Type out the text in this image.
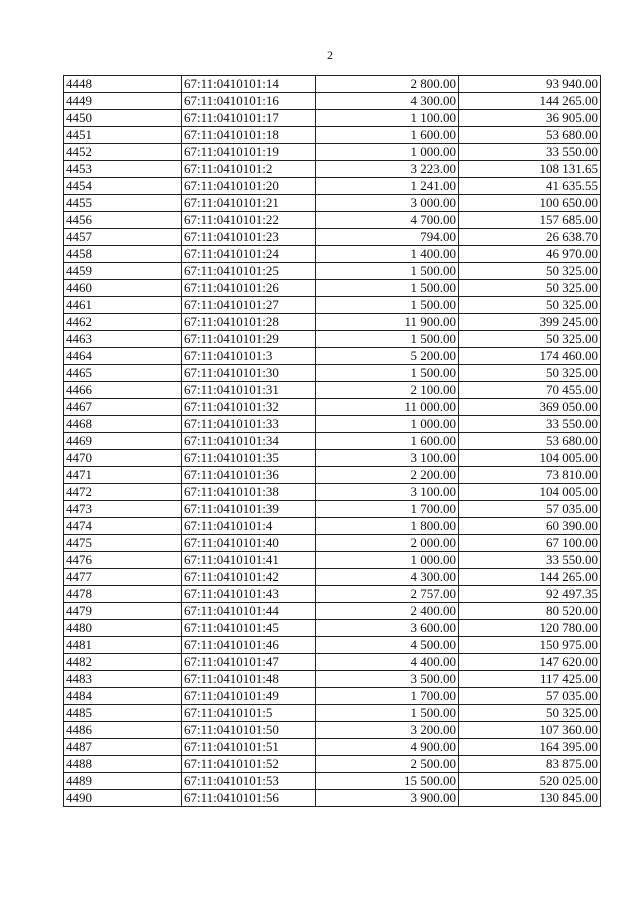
2
4448	67:11:0410101:14	2 800.00	93 940.00
4449	67:11:0410101:16	4 300.00	144 265.00
4450	67:11:0410101:17	1 100.00	36 905.00
4451	67:11:0410101:18	1 600.00	53 680.00
4452	67:11:0410101:19	1 000.00	33 550.00
4453	67:11:0410101:2	3 223.00	108 131.65
4454	67:11:0410101:20	1 241.00	41 635.55
4455	67:11:0410101:21	3 000.00	100 650.00
4456	67:11:0410101:22	4 700.00	157 685.00
4457	67:11:0410101:23	794.00	26 638.70
4458	67:11:0410101:24	1 400.00	46 970.00
4459	67:11:0410101:25	1 500.00	50 325.00
4460	67:11:0410101:26	1 500.00	50 325.00
4461	67:11:0410101:27	1 500.00	50 325.00
4462	67:11:0410101:28	11 900.00	399 245.00
4463	67:11:0410101:29	1 500.00	50 325.00
4464	67:11:0410101:3	5 200.00	174 460.00
4465	67:11:0410101:30	1 500.00	50 325.00
4466	67:11:0410101:31	2 100.00	70 455.00
4467	67:11:0410101:32	11 000.00	369 050.00
4468	67:11:0410101:33	1 000.00	33 550.00
4469	67:11:0410101:34	1 600.00	53 680.00
4470	67:11:0410101:35	3 100.00	104 005.00
4471	67:11:0410101:36	2 200.00	73 810.00
4472	67:11:0410101:38	3 100.00	104 005.00
4473	67:11:0410101:39	1 700.00	57 035.00
4474	67:11:0410101:4	1 800.00	60 390.00
4475	67:11:0410101:40	2 000.00	67 100.00
4476	67:11:0410101:41	1 000.00	33 550.00
4477	67:11:0410101:42	4 300.00	144 265.00
4478	67:11:0410101:43	2 757.00	92 497.35
4479	67:11:0410101:44	2 400.00	80 520.00
4480	67:11:0410101:45	3 600.00	120 780.00
4481	67:11:0410101:46	4 500.00	150 975.00
4482	67:11:0410101:47	4 400.00	147 620.00
4483	67:11:0410101:48	3 500.00	117 425.00
4484	67:11:0410101:49	1 700.00	57 035.00
4485	67:11:0410101:5	1 500.00	50 325.00
4486	67:11:0410101:50	3 200.00	107 360.00
4487	67:11:0410101:51	4 900.00	164 395.00
4488	67:11:0410101:52	2 500.00	83 875.00
4489	67:11:0410101:53	15 500.00	520 025.00
4490	67:11:0410101:56	3 900.00	130 845.00
